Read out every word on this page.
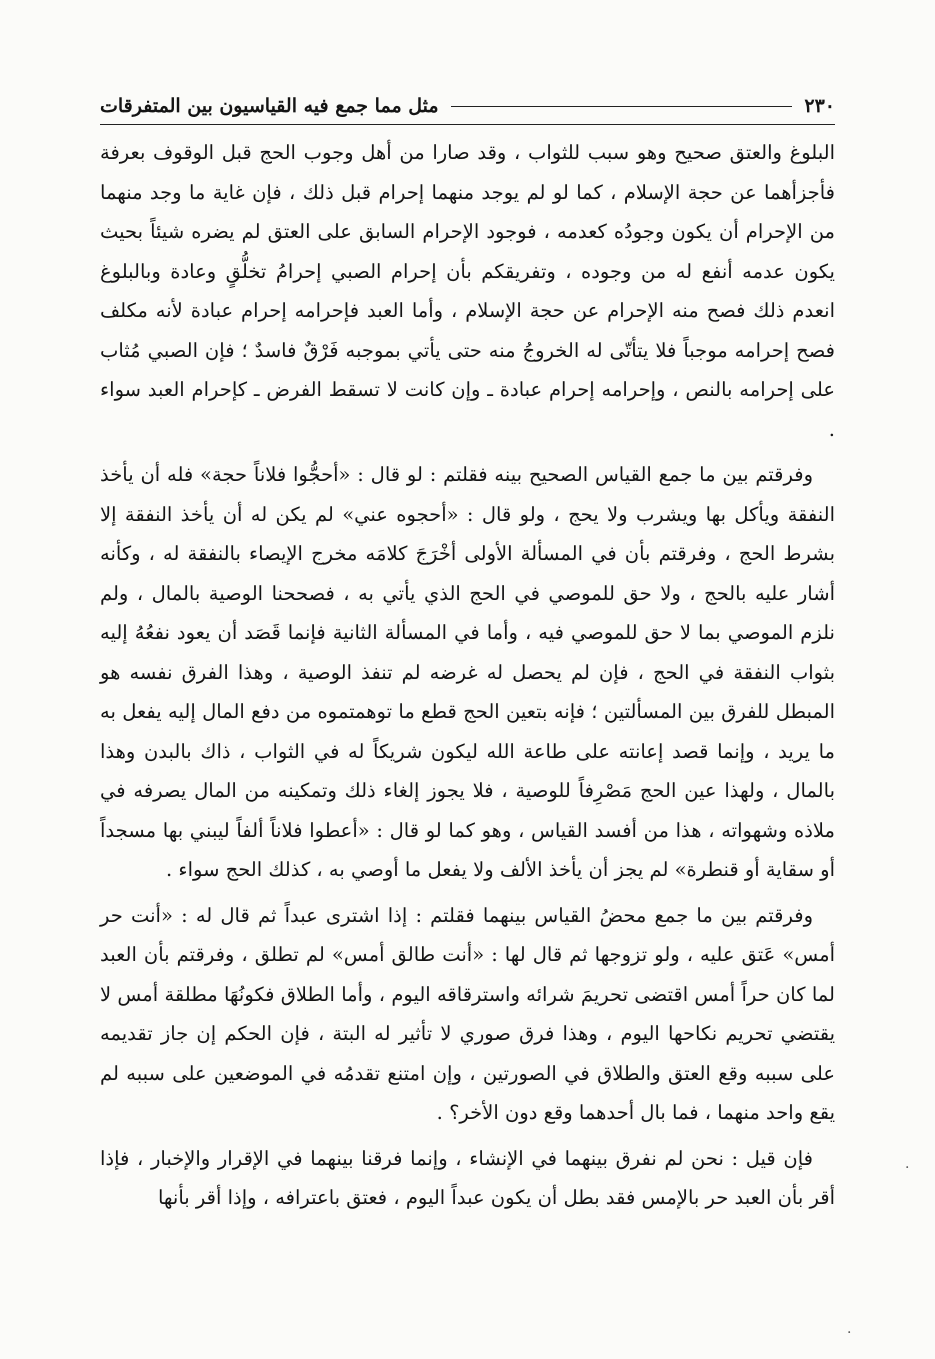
٢٣٠
مثل مما جمع فيه القياسيون بين المتفرقات

البلوغ والعتق صحيح وهو سبب للثواب ، وقد صارا من أهل وجوب الحج قبل الوقوف بعرفة فأجزأهما عن حجة الإسلام ، كما لو لم يوجد منهما إحرام قبل ذلك ، فإن غاية ما وجد منهما من الإحرام أن يكون وجودُه كعدمه ، فوجود الإحرام السابق على العتق لم يضره شيئاً بحيث يكون عدمه أنفع له من وجوده ، وتفريقكم بأن إحرام الصبي إحرامُ تخلُّقٍ وعادة وبالبلوغ انعدم ذلك فصح منه الإحرام عن حجة الإسلام ، وأما العبد فإحرامه إحرام عبادة لأنه مكلف فصح إحرامه موجباً فلا يتأتّى له الخروجُ منه حتى يأتي بموجبه فَرْقٌ فاسدٌ ؛ فإن الصبي مُثاب على إحرامه بالنص ، وإحرامه إحرام عبادة ـ وإن كانت لا تسقط الفرض ـ كإحرام العبد سواء .

وفرقتم بين ما جمع القياس الصحيح بينه فقلتم : لو قال : «أحجُّوا فلاناً حجة» فله أن يأخذ النفقة ويأكل بها ويشرب ولا يحج ، ولو قال : «أحجوه عني» لم يكن له أن يأخذ النفقة إلا بشرط الحج ، وفرقتم بأن في المسألة الأولى أخْرَجَ كلامَه مخرج الإيصاء بالنفقة له ، وكأنه أشار عليه بالحج ، ولا حق للموصي في الحج الذي يأتي به ، فصححنا الوصية بالمال ، ولم نلزم الموصي بما لا حق للموصي فيه ، وأما في المسألة الثانية فإنما قَصَد أن يعود نفعُهُ إليه بثواب النفقة في الحج ، فإن لم يحصل له غرضه لم تنفذ الوصية ، وهذا الفرق نفسه هو المبطل للفرق بين المسألتين ؛ فإنه بتعين الحج قطع ما توهمتموه من دفع المال إليه يفعل به ما يريد ، وإنما قصد إعانته على طاعة الله ليكون شريكاً له في الثواب ، ذاك بالبدن وهذا بالمال ، ولهذا عين الحج مَصْرِفاً للوصية ، فلا يجوز إلغاء ذلك وتمكينه من المال يصرفه في ملاذه وشهواته ، هذا من أفسد القياس ، وهو كما لو قال : «أعطوا فلاناً ألفاً ليبني بها مسجداً أو سقاية أو قنطرة» لم يجز أن يأخذ الألف ولا يفعل ما أوصي به ، كذلك الحج سواء .

وفرقتم بين ما جمع محضُ القياس بينهما فقلتم : إذا اشترى عبداً ثم قال له : «أنت حر أمس» عَتق عليه ، ولو تزوجها ثم قال لها : «أنت طالق أمس» لم تطلق ، وفرقتم بأن العبد لما كان حراً أمس اقتضى تحريمَ شرائه واسترقاقه اليوم ، وأما الطلاق فكونُهَا مطلقة أمس لا يقتضي تحريم نكاحها اليوم ، وهذا فرق صوري لا تأثير له البتة ، فإن الحكم إن جاز تقديمه على سببه وقع العتق والطلاق في الصورتين ، وإن امتنع تقدمُه في الموضعين على سببه لم يقع واحد منهما ، فما بال أحدهما وقع دون الأخر؟ .

فإن قيل : نحن لم نفرق بينهما في الإنشاء ، وإنما فرقنا بينهما في الإقرار والإخبار ، فإذا أقر بأن العبد حر بالإمس فقد بطل أن يكون عبداً اليوم ، فعتق باعترافه ، وإذا أقر بأنها

·
·
